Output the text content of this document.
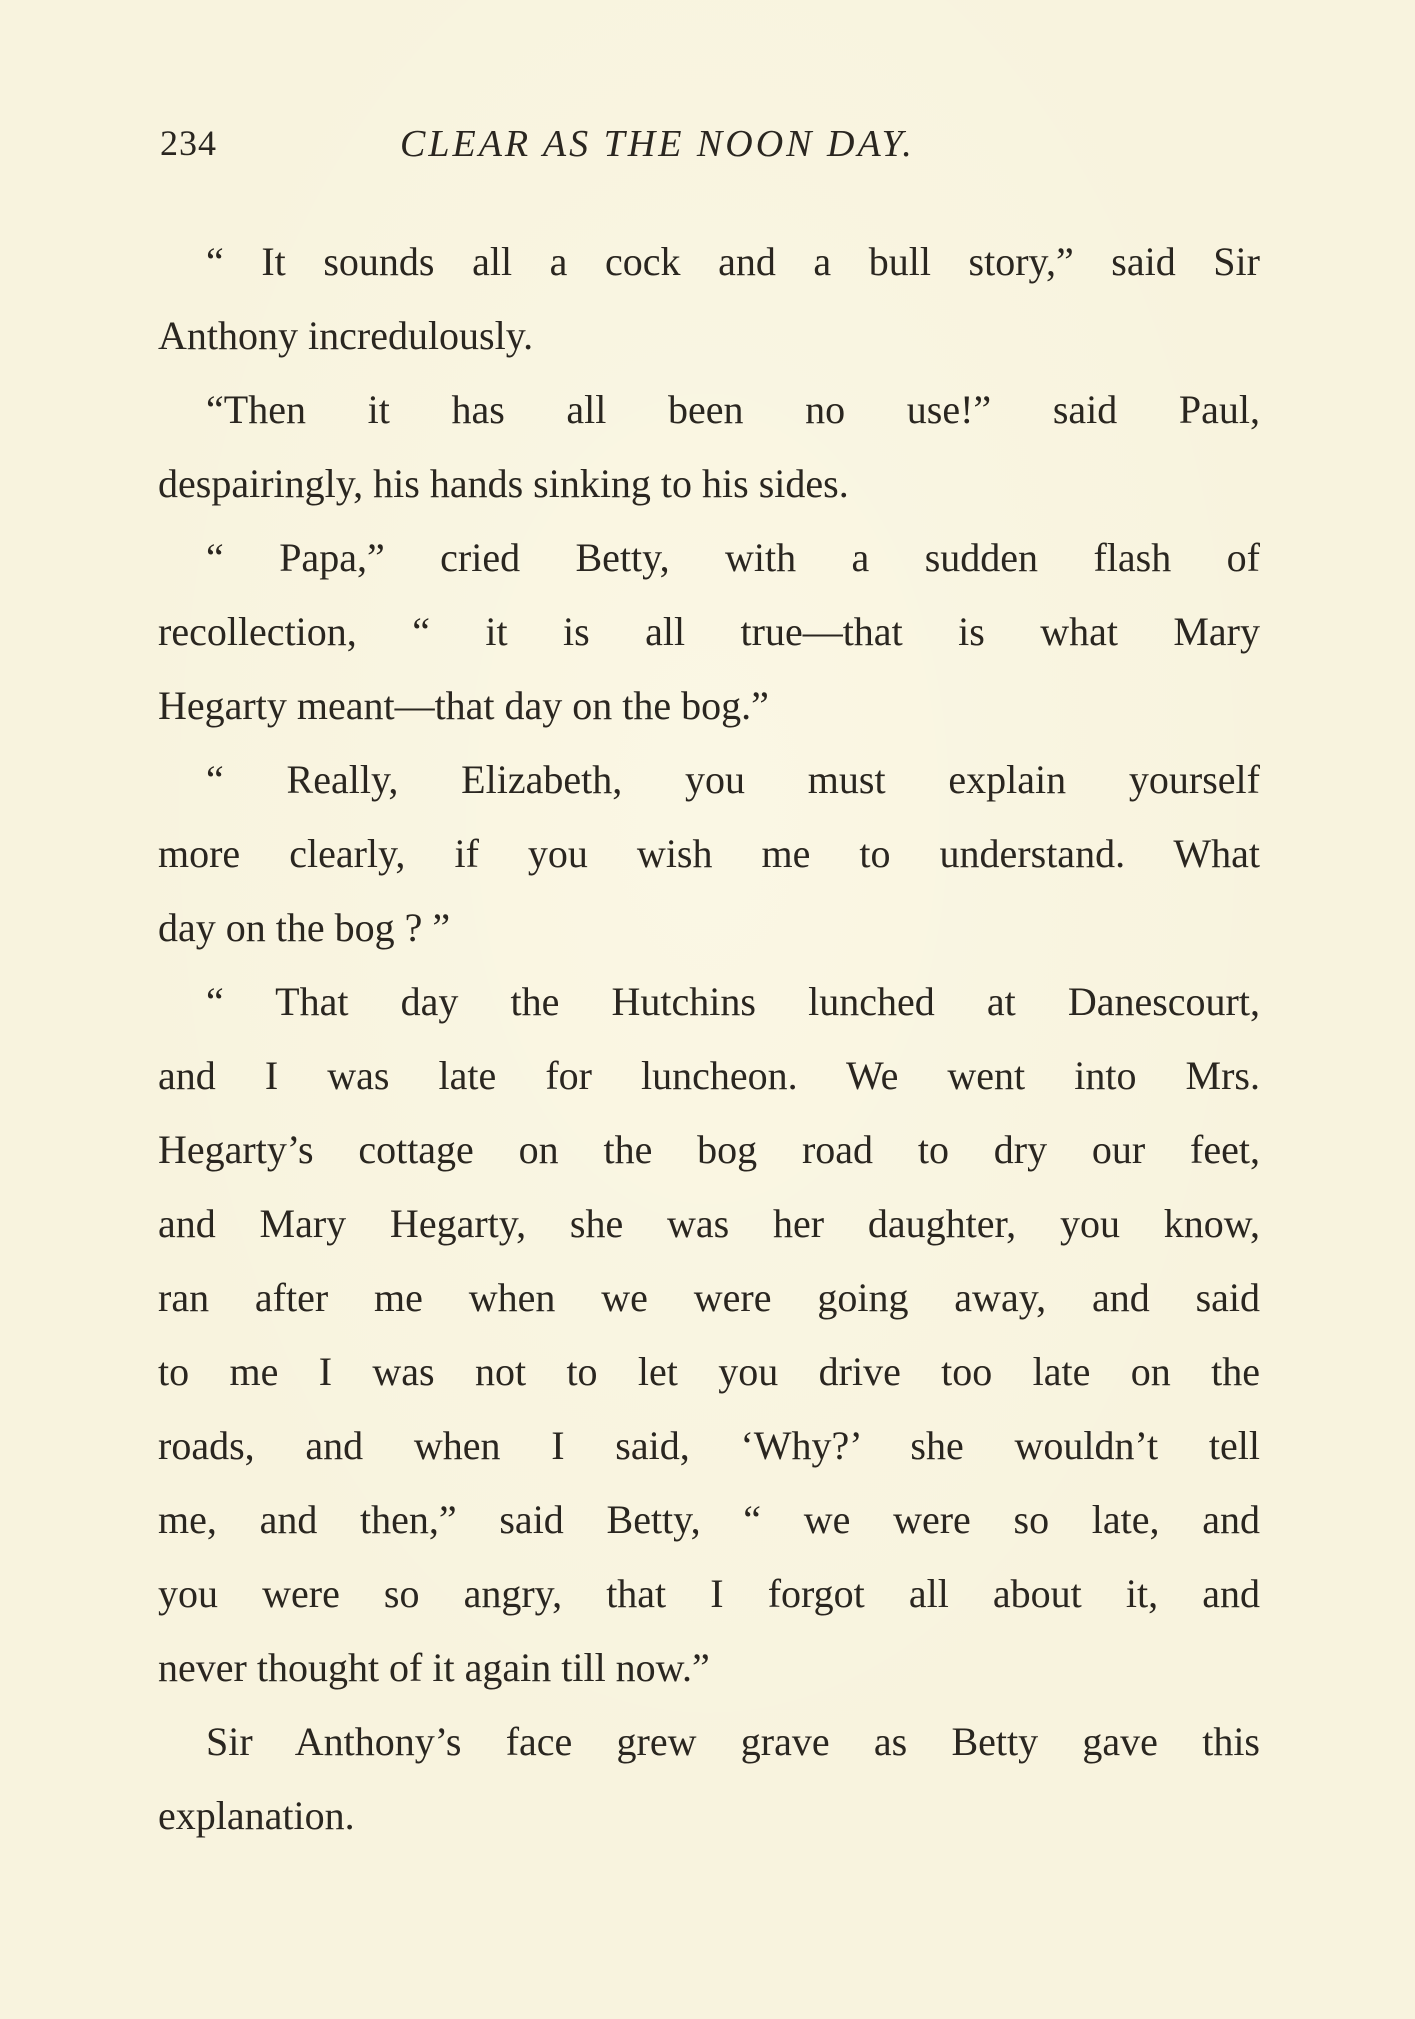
234	CLEAR AS THE NOON DAY.
“ It sounds all a cock and a bull story,” said Sir
Anthony incredulously.
“Then it has all been no use!” said Paul,
despairingly, his hands sinking to his sides.
“ Papa,” cried Betty, with a sudden flash of
recollection, “ it is all true—that is what Mary
Hegarty meant—that day on the bog.”
“ Really, Elizabeth, you must explain yourself
more clearly, if you wish me to understand. What
day on the bog ? ”
“ That day the Hutchins lunched at Danescourt,
and I was late for luncheon. We went into Mrs.
Hegarty’s cottage on the bog road to dry our feet,
and Mary Hegarty, she was her daughter, you know,
ran after me when we were going away, and said
to me I was not to let you drive too late on the
roads, and when I said, ‘Why?’ she wouldn’t tell
me, and then,” said Betty, “ we were so late, and
you were so angry, that I forgot all about it, and
never thought of it again till now.”
Sir Anthony’s face grew grave as Betty gave this
explanation.
